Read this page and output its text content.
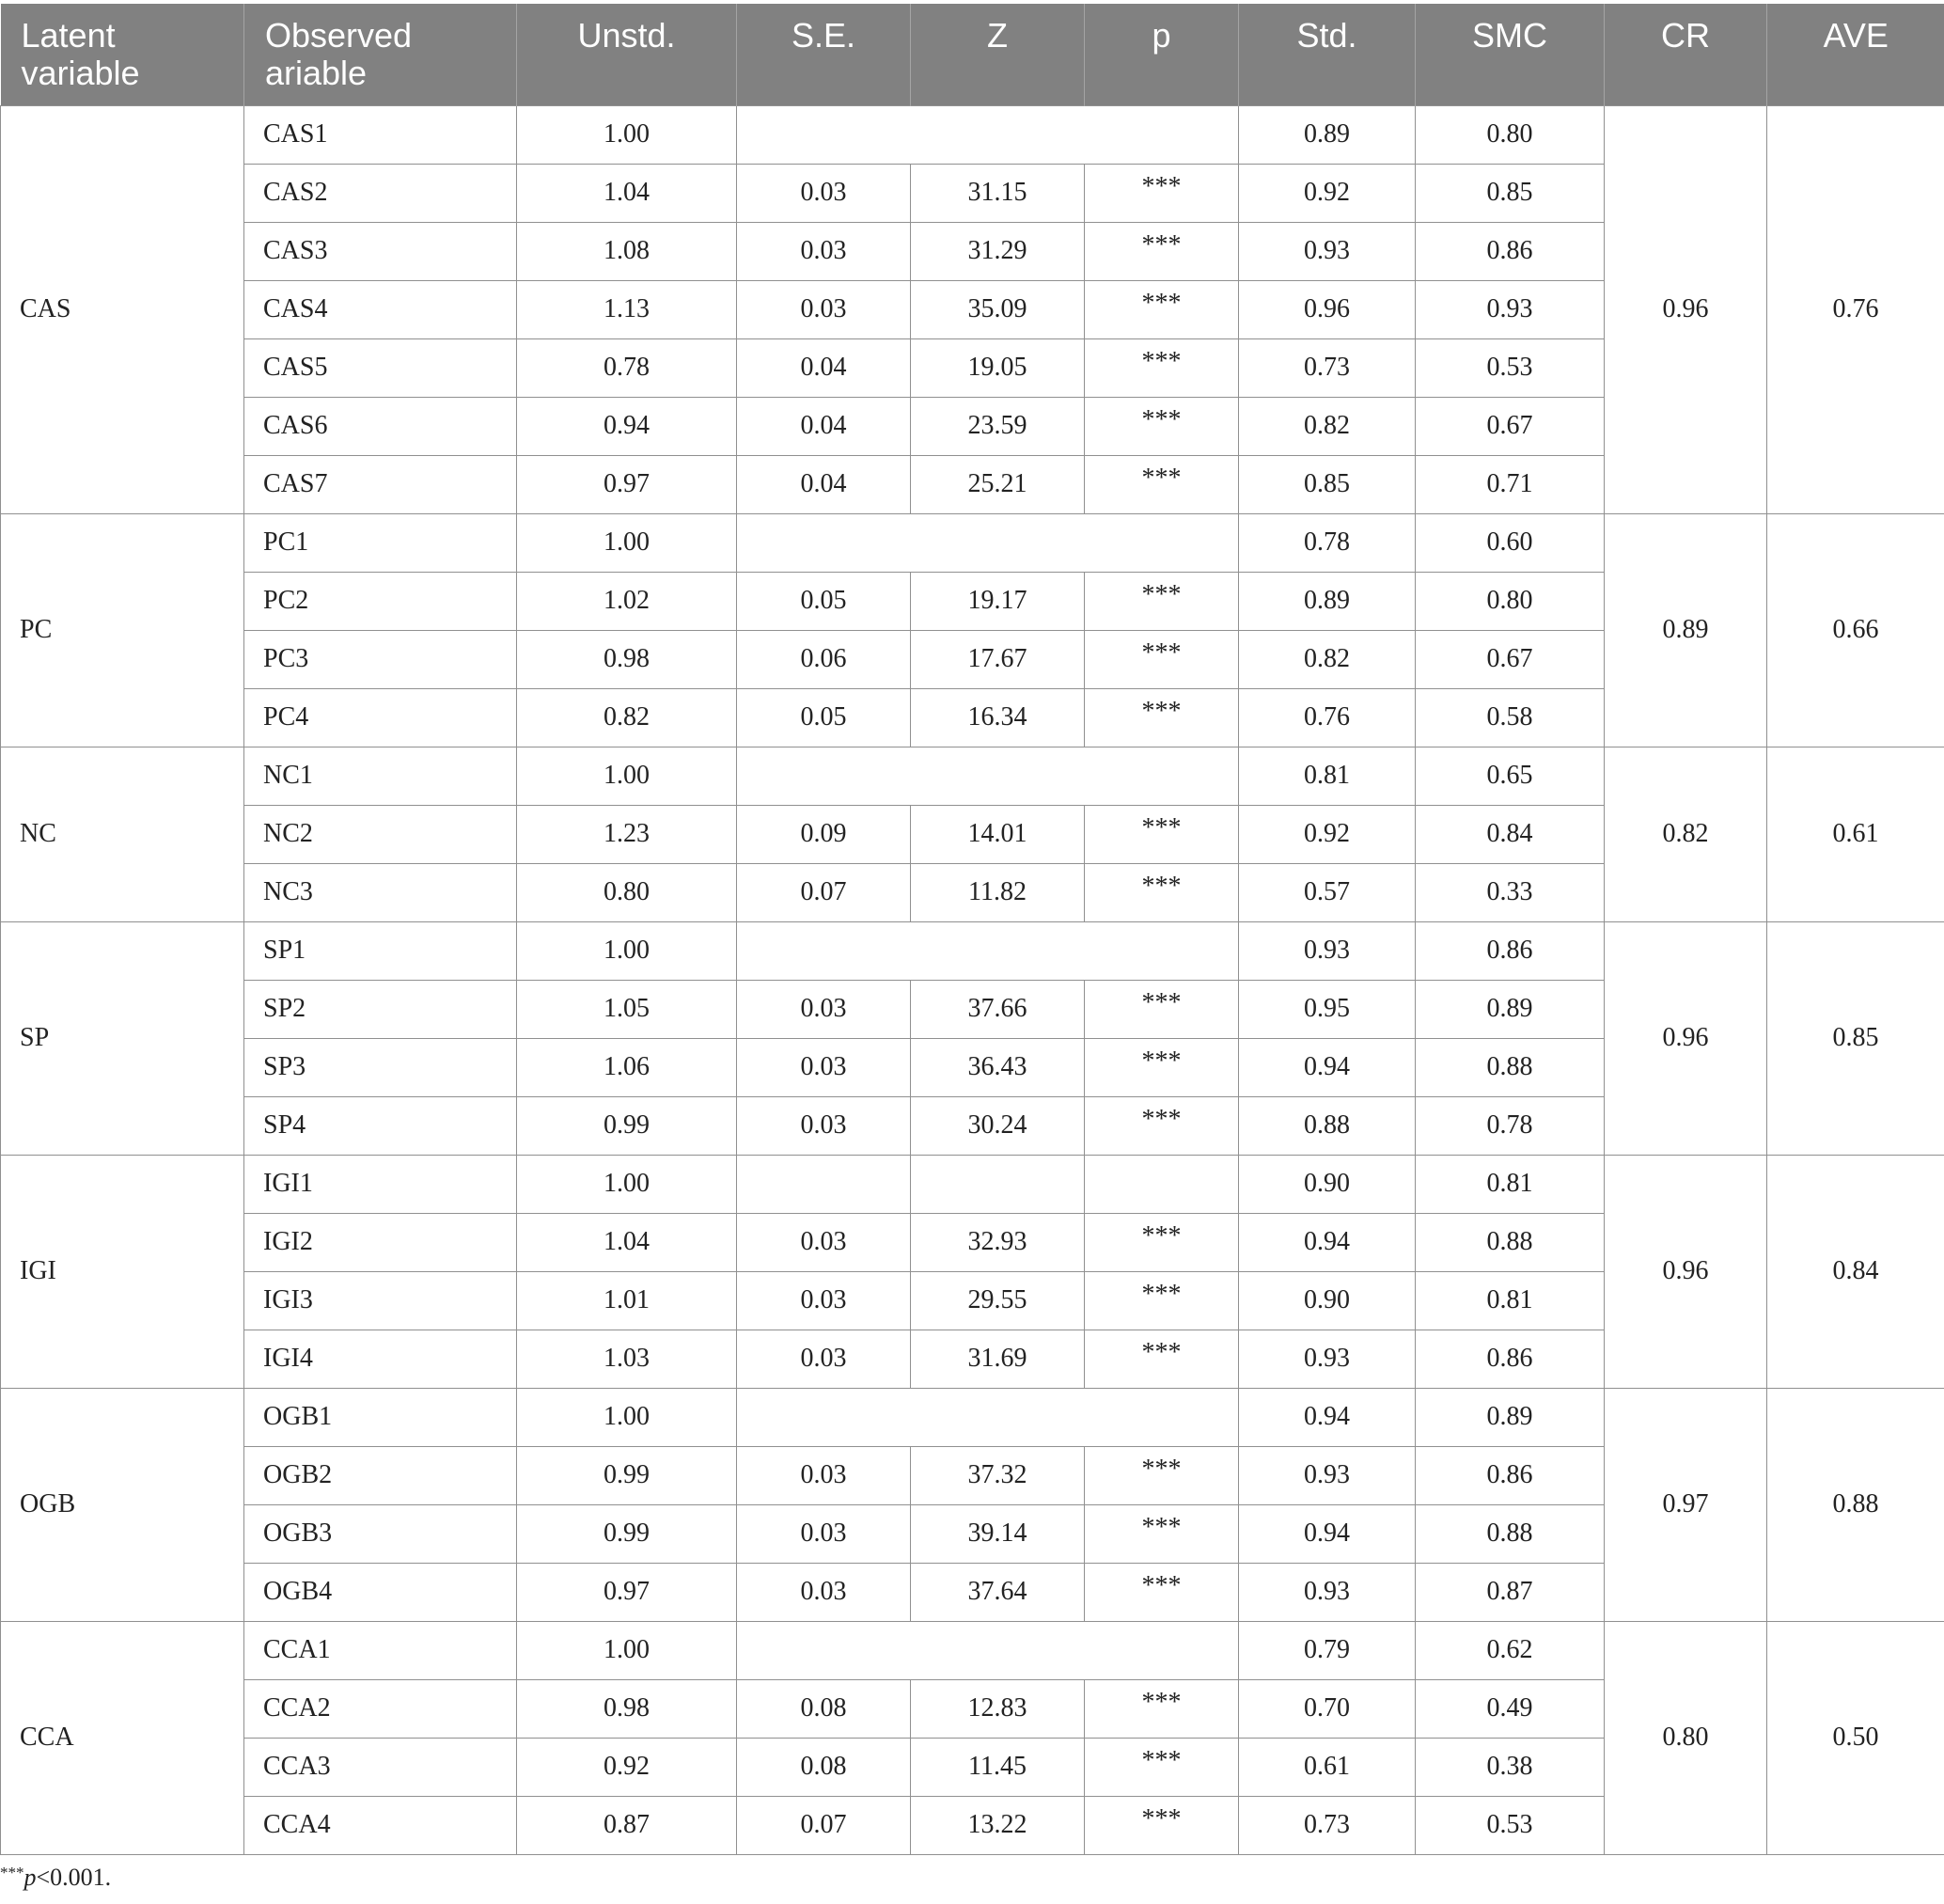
Latent
variable	Observed
ariable	Unstd.	S.E.	Z	p	Std.	SMC	CR	AVE
CAS	CAS1	1.00				0.89	0.80	0.96	0.76
	CAS2	1.04	0.03	31.15	***	0.92	0.85		
	CAS3	1.08	0.03	31.29	***	0.93	0.86		
	CAS4	1.13	0.03	35.09	***	0.96	0.93		
	CAS5	0.78	0.04	19.05	***	0.73	0.53		
	CAS6	0.94	0.04	23.59	***	0.82	0.67		
	CAS7	0.97	0.04	25.21	***	0.85	0.71		
PC	PC1	1.00				0.78	0.60	0.89	0.66
	PC2	1.02	0.05	19.17	***	0.89	0.80		
	PC3	0.98	0.06	17.67	***	0.82	0.67		
	PC4	0.82	0.05	16.34	***	0.76	0.58		
NC	NC1	1.00				0.81	0.65	0.82	0.61
	NC2	1.23	0.09	14.01	***	0.92	0.84		
	NC3	0.80	0.07	11.82	***	0.57	0.33		
SP	SP1	1.00				0.93	0.86	0.96	0.85
	SP2	1.05	0.03	37.66	***	0.95	0.89		
	SP3	1.06	0.03	36.43	***	0.94	0.88		
	SP4	0.99	0.03	30.24	***	0.88	0.78		
IGI	IGI1	1.00				0.90	0.81	0.96	0.84
	IGI2	1.04	0.03	32.93	***	0.94	0.88		
	IGI3	1.01	0.03	29.55	***	0.90	0.81		
	IGI4	1.03	0.03	31.69	***	0.93	0.86		
OGB	OGB1	1.00				0.94	0.89	0.97	0.88
	OGB2	0.99	0.03	37.32	***	0.93	0.86		
	OGB3	0.99	0.03	39.14	***	0.94	0.88		
	OGB4	0.97	0.03	37.64	***	0.93	0.87		
CCA	CCA1	1.00				0.79	0.62	0.80	0.50
	CCA2	0.98	0.08	12.83	***	0.70	0.49		
	CCA3	0.92	0.08	11.45	***	0.61	0.38		
	CCA4	0.87	0.07	13.22	***	0.73	0.53		
***p<0.001.
